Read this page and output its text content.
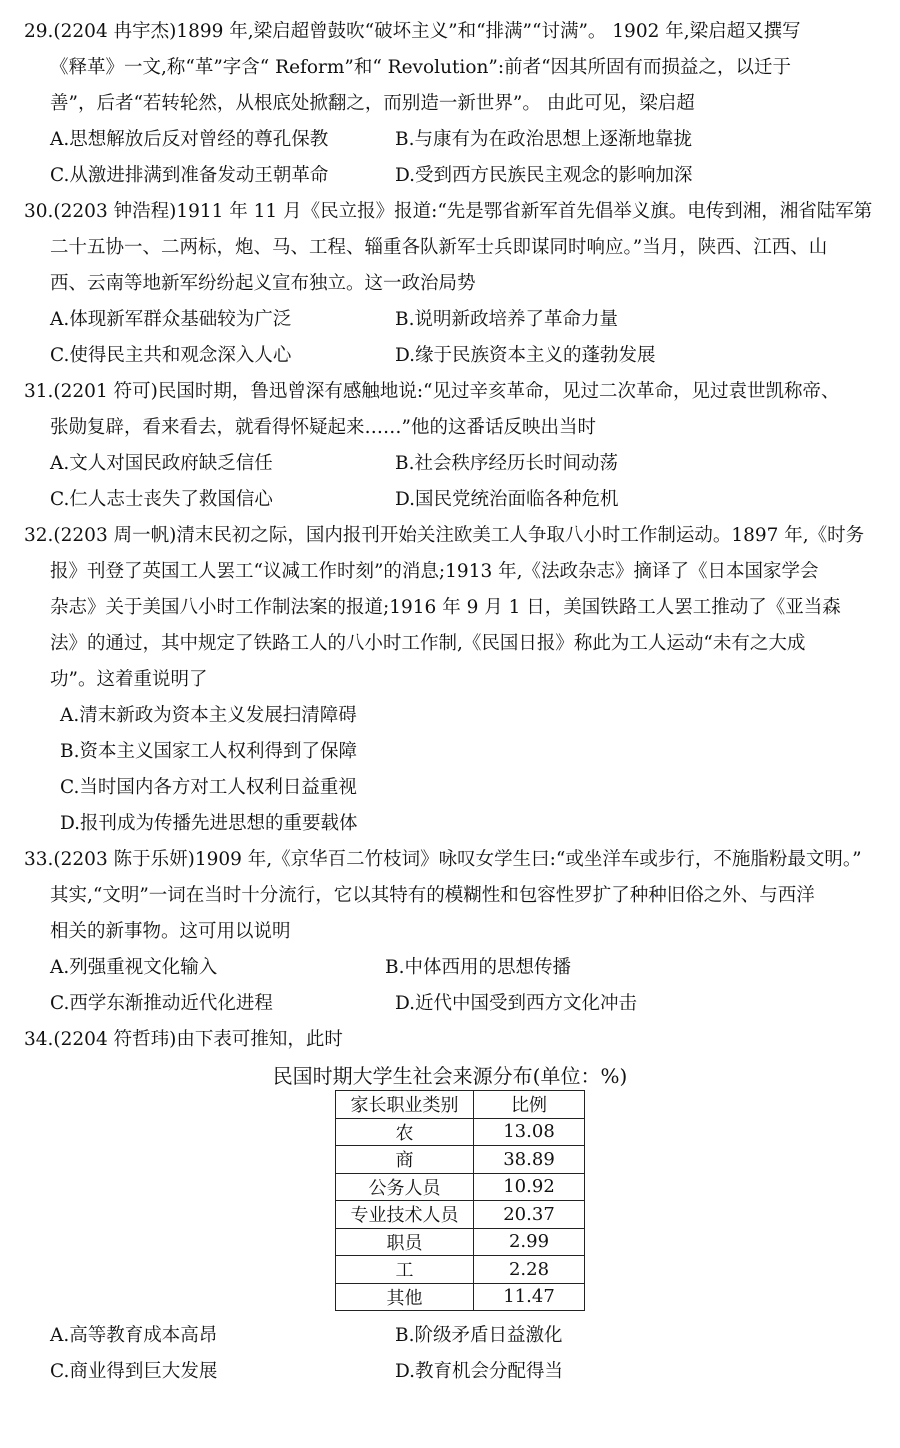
29.(2204 冉宇杰)1899 年,梁启超曾鼓吹“破坏主义”和“排满”“讨满”。 1902 年,梁启超又撰写
《释革》一文,称“革”字含“ Reform”和“ Revolution”:前者“因其所固有而损益之，以迁于
善”，后者“若转轮然，从根底处掀翻之，而别造一新世界”。 由此可见，梁启超
A.思想解放后反对曾经的尊孔保教	B.与康有为在政治思想上逐渐地靠拢
C.从激进排满到准备发动王朝革命	D.受到西方民族民主观念的影响加深
30.(2203 钟浩程)1911 年 11 月《民立报》报道:“先是鄂省新军首先倡举义旗。电传到湘，湘省陆军第
二十五协一、二两标，炮、马、工程、辎重各队新军士兵即谋同时响应。”当月，陕西、江西、山
西、云南等地新军纷纷起义宣布独立。这一政治局势
A.体现新军群众基础较为广泛	B.说明新政培养了革命力量
C.使得民主共和观念深入人心	D.缘于民族资本主义的蓬勃发展
31.(2201 符可)民国时期，鲁迅曾深有感触地说:“见过辛亥革命，见过二次革命，见过袁世凯称帝、
张勋复辟，看来看去，就看得怀疑起来……”他的这番话反映出当时
A.文人对国民政府缺乏信任	B.社会秩序经历长时间动荡
C.仁人志士丧失了救国信心	D.国民党统治面临各种危机
32.(2203 周一帆)清末民初之际，国内报刊开始关注欧美工人争取八小时工作制运动。1897 年,《时务
报》刊登了英国工人罢工“议减工作时刻”的消息;1913 年,《法政杂志》摘译了《日本国家学会
杂志》关于美国八小时工作制法案的报道;1916 年 9 月 1 日，美国铁路工人罢工推动了《亚当森
法》的通过，其中规定了铁路工人的八小时工作制,《民国日报》称此为工人运动“未有之大成
功”。这着重说明了
A.清末新政为资本主义发展扫清障碍
B.资本主义国家工人权利得到了保障
C.当时国内各方对工人权利日益重视
D.报刊成为传播先进思想的重要载体
33.(2203 陈于乐妍)1909 年,《京华百二竹枝词》咏叹女学生曰:“或坐洋车或步行，不施脂粉最文明。”
其实,“文明”一词在当时十分流行，它以其特有的模糊性和包容性罗扩了种种旧俗之外、与西洋
相关的新事物。这可用以说明
A.列强重视文化输入	B.中体西用的思想传播
C.西学东渐推动近代化进程	D.近代中国受到西方文化冲击
34.(2204 符哲玮)由下表可推知，此时
民国时期大学生社会来源分布(单位：%)
家长职业类别	比例
农	13.08
商	38.89
公务人员	10.92
专业技术人员	20.37
职员	2.99
工	2.28
其他	11.47
A.高等教育成本高昂	B.阶级矛盾日益激化
C.商业得到巨大发展	D.教育机会分配得当
